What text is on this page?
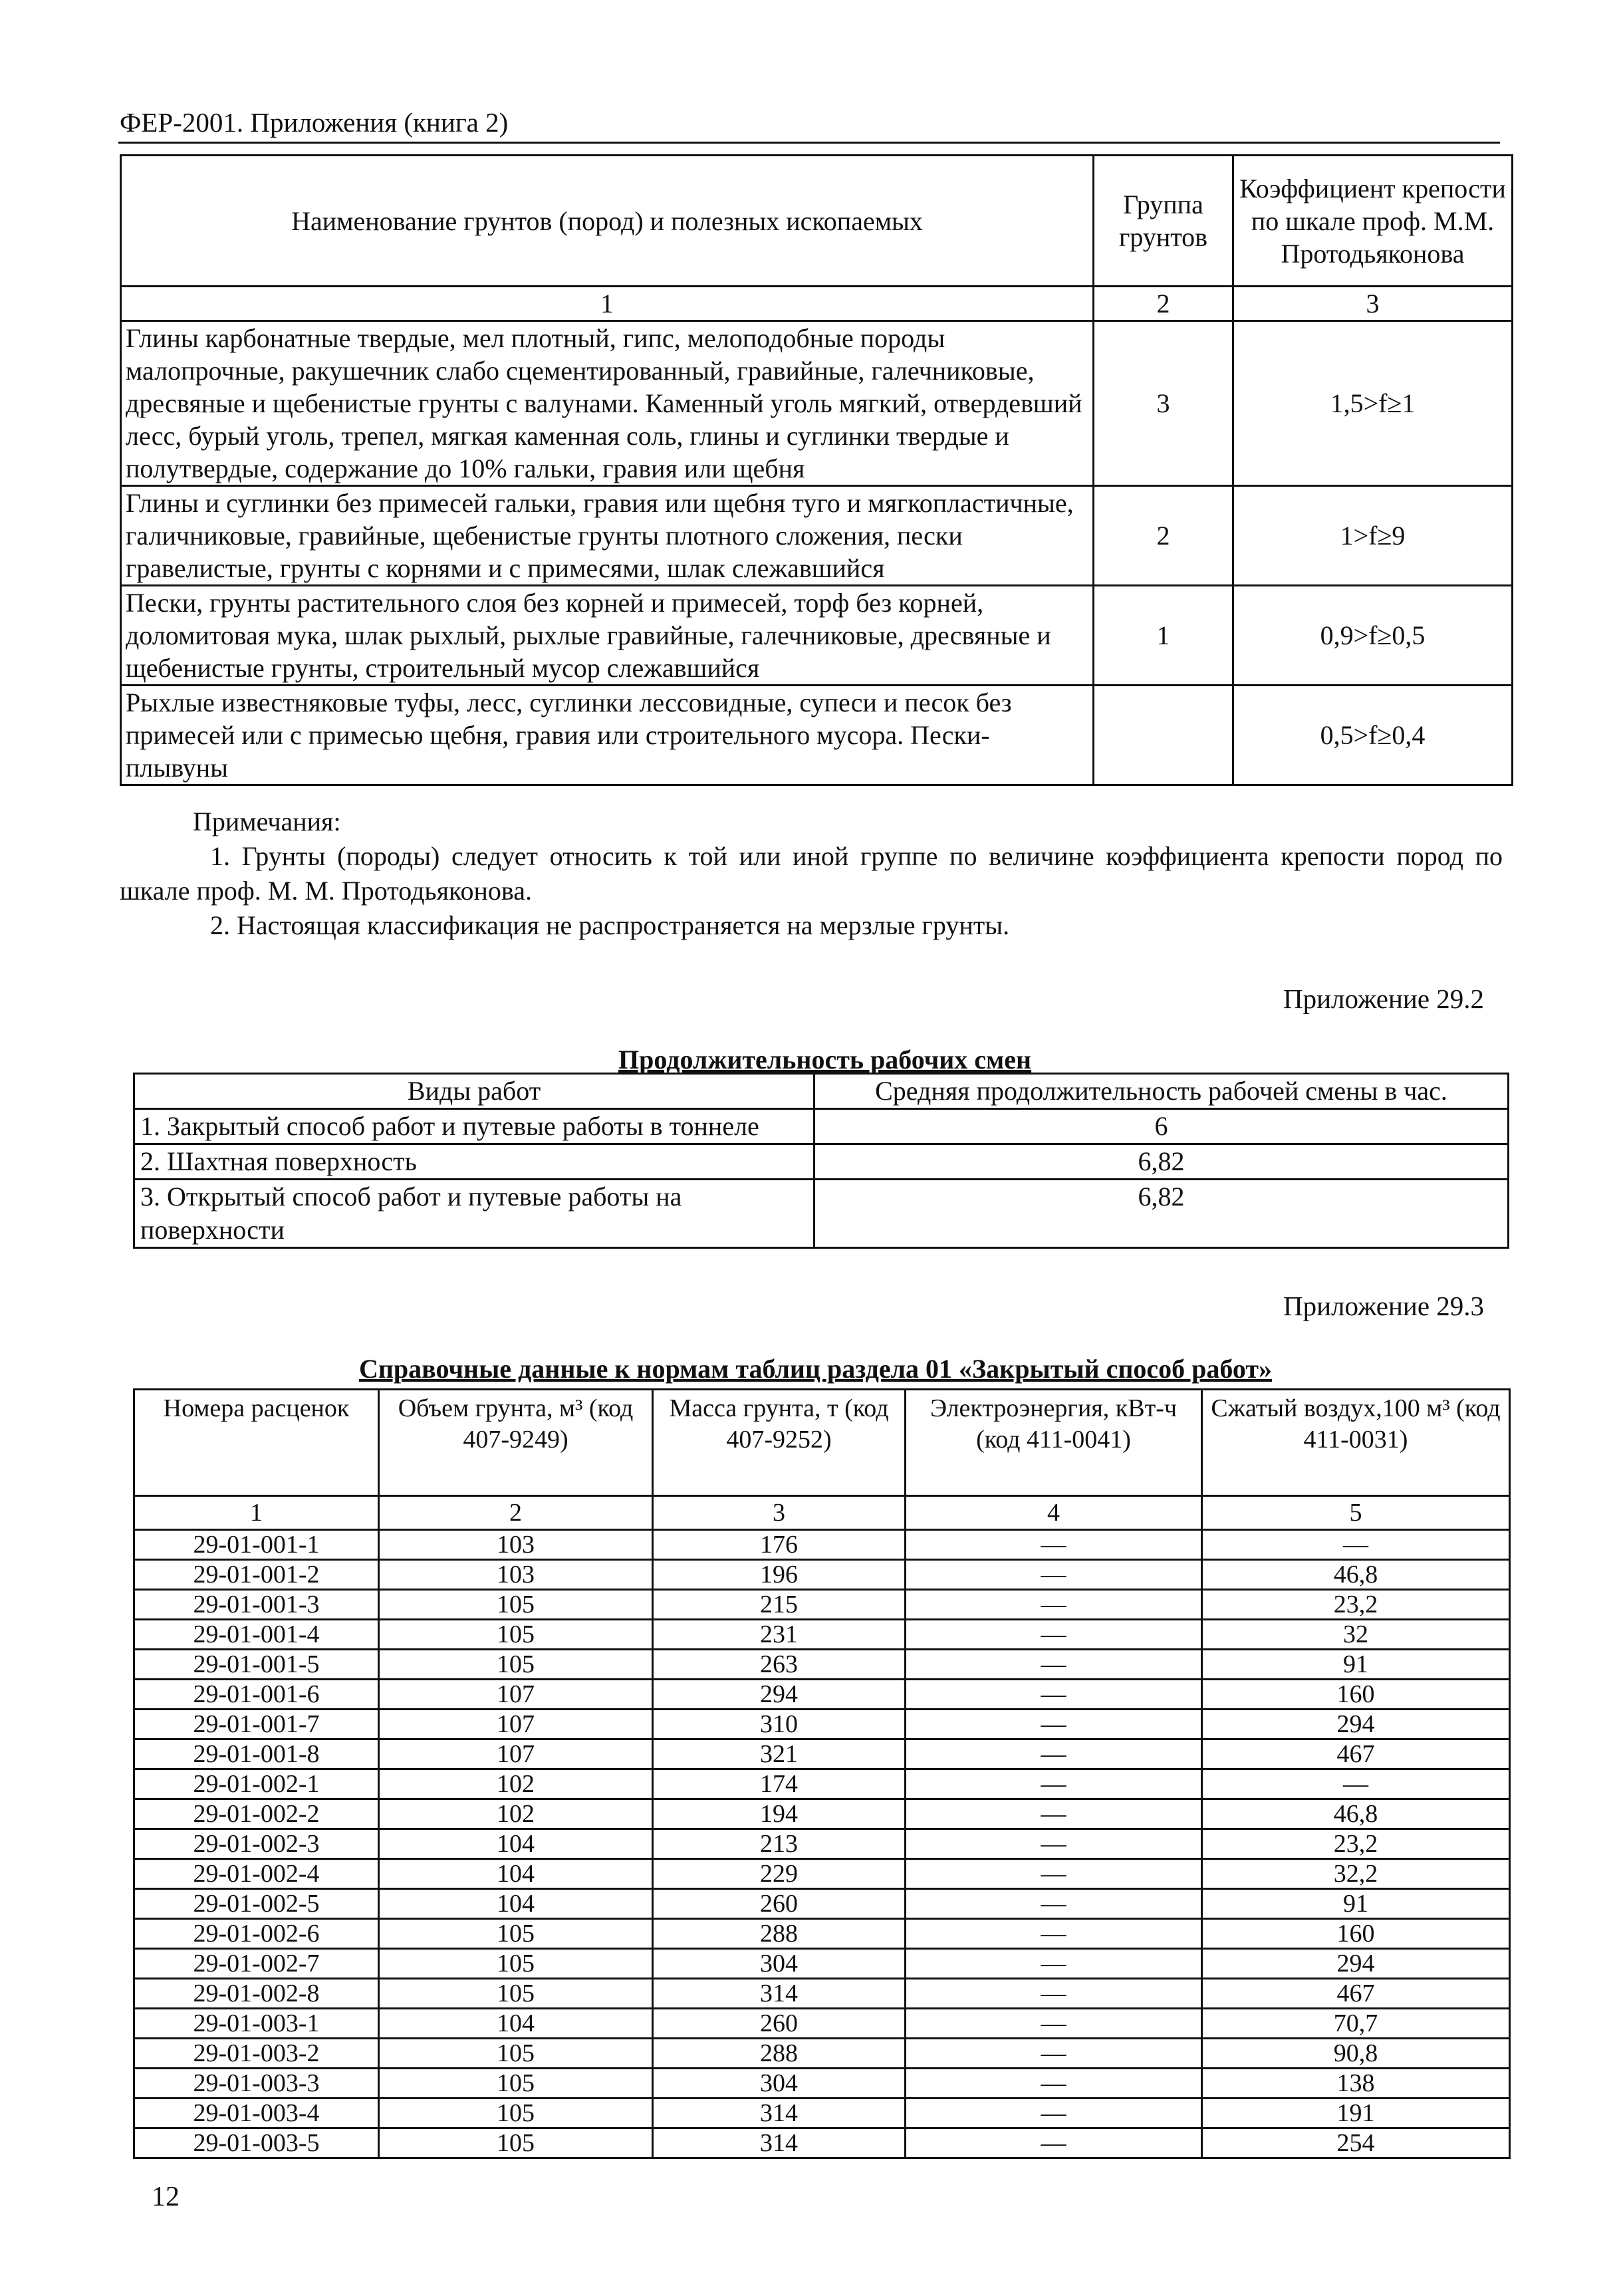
ФЕР-2001. Приложения (книга 2)
Наименование грунтов (пород) и полезных ископаемых	Группа грунтов	Коэффициент крепости по шкале проф. М.М. Протодьяконова
1	2	3
Глины карбонатные твердые, мел плотный, гипс, мелоподобные породы малопрочные, ракушечник слабо сцементированный, гравийные, галечниковые, дресвяные и щебенистые грунты с валунами. Каменный уголь мягкий, отвердевший лесс, бурый уголь, трепел, мягкая каменная соль, глины и суглинки твердые и полутвердые, содержание до 10% гальки, гравия или щебня	3	1,5>f≥1
Глины и суглинки без примесей гальки, гравия или щебня туго и мягкопластичные, галичниковые, гравийные, щебенистые грунты плотного сложения, пески гравелистые, грунты с корнями и с примесями, шлак слежавшийся	2	1>f≥9
Пески, грунты растительного слоя без корней и примесей, торф без корней, доломитовая мука, шлак рыхлый, рыхлые гравийные, галечниковые, дресвяные и щебенистые грунты, строительный мусор слежавшийся	1	0,9>f≥0,5
Рыхлые известняковые туфы, лесс, суглинки лессовидные, супеси и песок без примесей или с примесью щебня, гравия или строительного мусора. Пески-плывуны		0,5>f≥0,4
Примечания:
1. Грунты (породы) следует относить к той или иной группе по величине коэффициента крепости пород по шкале проф. М. М. Протодьяконова.
2. Настоящая классификация не распространяется на мерзлые грунты.
Приложение 29.2
Продолжительность рабочих смен
Виды работ	Средняя продолжительность рабочей смены в час.
1. Закрытый способ работ и путевые работы в тоннеле	6
2. Шахтная поверхность	6,82
3. Открытый способ работ и путевые работы на поверхности	6,82
Приложение 29.3
Справочные данные к нормам таблиц раздела 01 «Закрытый способ работ»
Номера расценок	Объем грунта, м³ (код 407-9249)	Масса грунта, т (код 407-9252)	Электроэнергия, кВт-ч (код 411-0041)	Сжатый воздух,100 м³ (код 411-0031)
1	2	3	4	5
29-01-001-1	103	176	—	—
29-01-001-2	103	196	—	46,8
29-01-001-3	105	215	—	23,2
29-01-001-4	105	231	—	32
29-01-001-5	105	263	—	91
29-01-001-6	107	294	—	160
29-01-001-7	107	310	—	294
29-01-001-8	107	321	—	467
29-01-002-1	102	174	—	—
29-01-002-2	102	194	—	46,8
29-01-002-3	104	213	—	23,2
29-01-002-4	104	229	—	32,2
29-01-002-5	104	260	—	91
29-01-002-6	105	288	—	160
29-01-002-7	105	304	—	294
29-01-002-8	105	314	—	467
29-01-003-1	104	260	—	70,7
29-01-003-2	105	288	—	90,8
29-01-003-3	105	304	—	138
29-01-003-4	105	314	—	191
29-01-003-5	105	314	—	254
12
